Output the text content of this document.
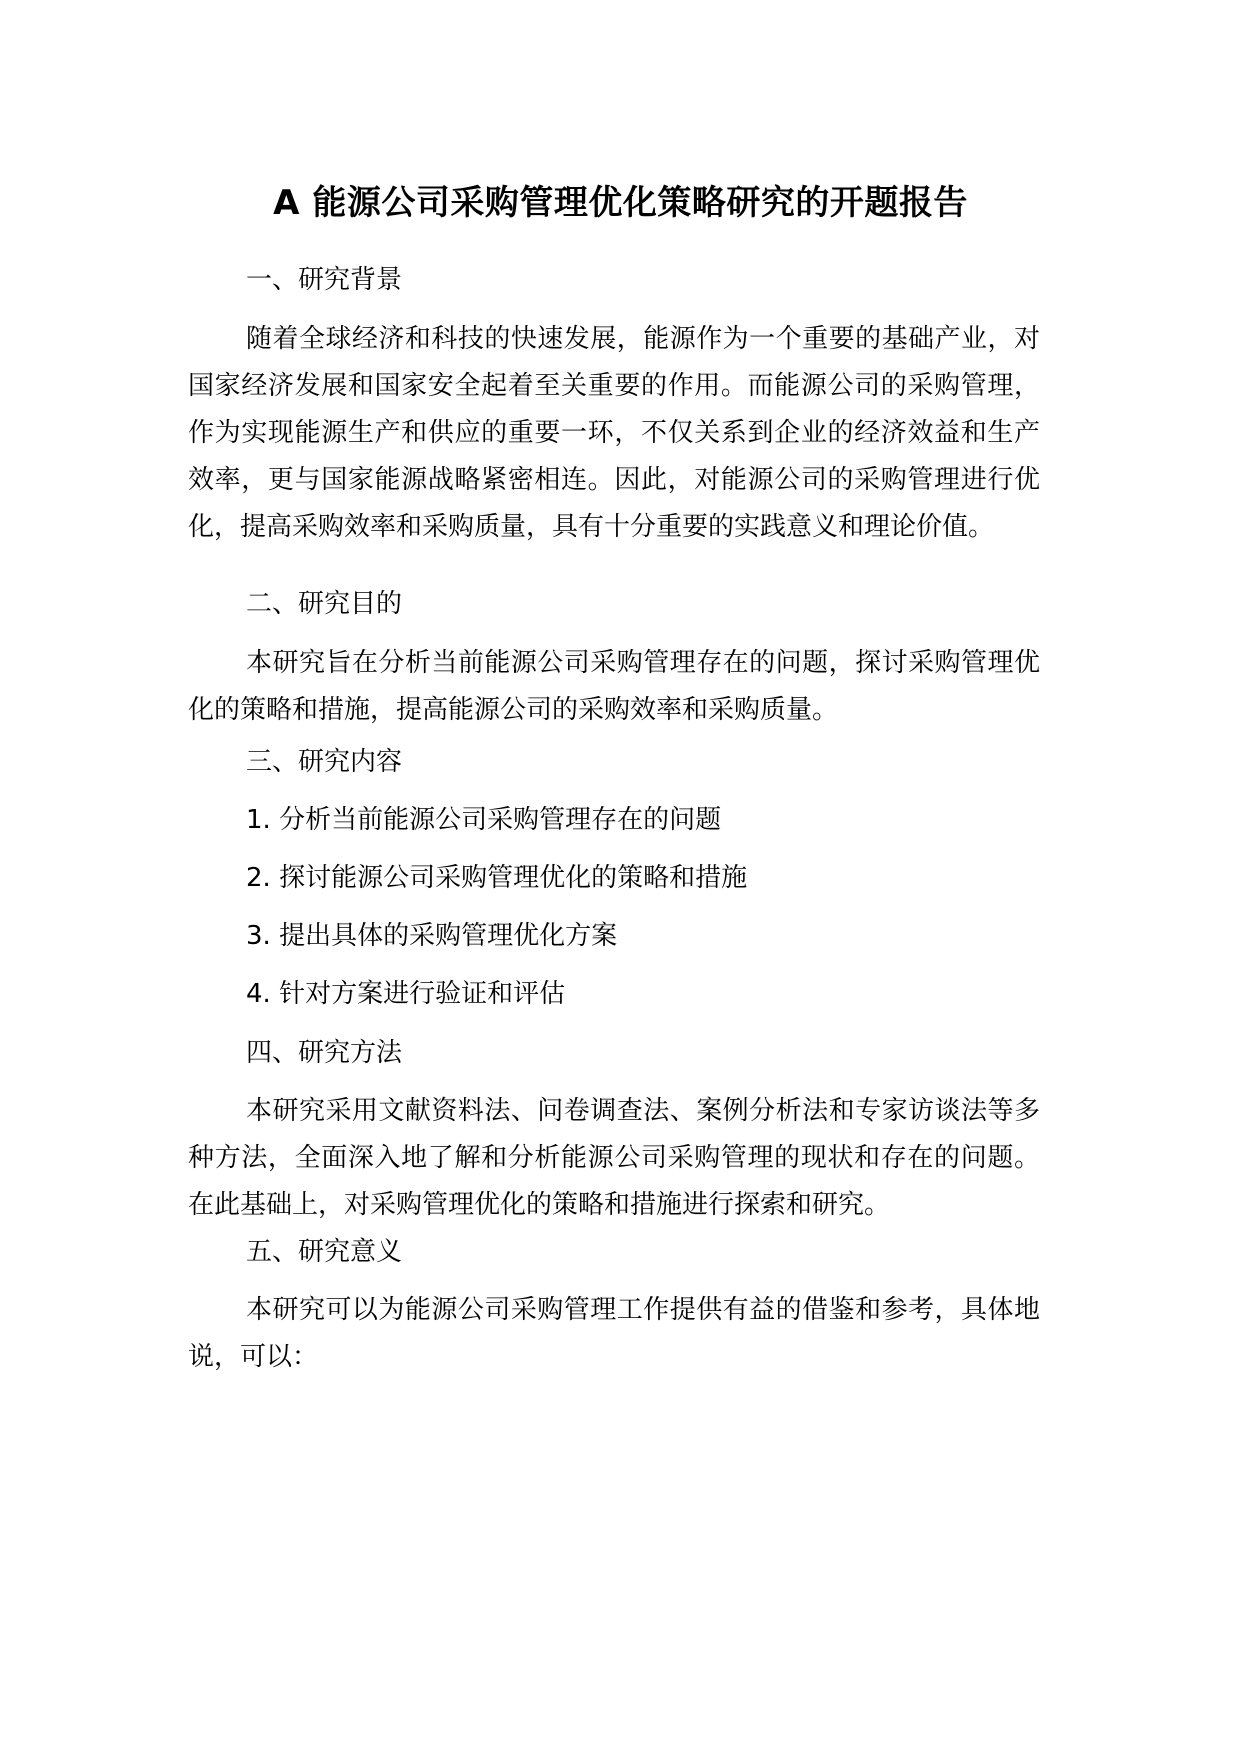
A 能源公司采购管理优化策略研究的开题报告
一、研究背景
随着全球经济和科技的快速发展，能源作为一个重要的基础产业，对国家经济发展和国家安全起着至关重要的作用。而能源公司的采购管理，作为实现能源生产和供应的重要一环，不仅关系到企业的经济效益和生产效率，更与国家能源战略紧密相连。因此，对能源公司的采购管理进行优化，提高采购效率和采购质量，具有十分重要的实践意义和理论价值。
二、研究目的
本研究旨在分析当前能源公司采购管理存在的问题，探讨采购管理优化的策略和措施，提高能源公司的采购效率和采购质量。
三、研究内容
1. 分析当前能源公司采购管理存在的问题
2. 探讨能源公司采购管理优化的策略和措施
3. 提出具体的采购管理优化方案
4. 针对方案进行验证和评估
四、研究方法
本研究采用文献资料法、问卷调查法、案例分析法和专家访谈法等多种方法，全面深入地了解和分析能源公司采购管理的现状和存在的问题。在此基础上，对采购管理优化的策略和措施进行探索和研究。
五、研究意义
本研究可以为能源公司采购管理工作提供有益的借鉴和参考，具体地说，可以：
